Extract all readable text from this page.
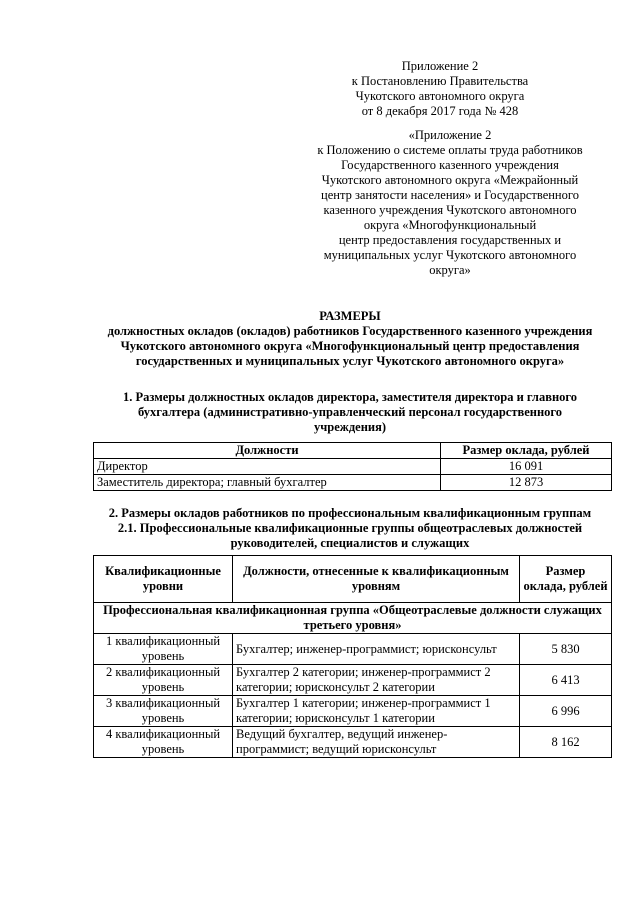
Приложение 2
к Постановлению Правительства
Чукотского автономного округа
от 8 декабря 2017 года № 428
«Приложение 2
к Положению о системе оплаты труда работников
Государственного казенного учреждения
Чукотского автономного округа «Межрайонный
центр занятости населения» и Государственного
казенного учреждения Чукотского автономного
округа «Многофункциональный
центр предоставления государственных и
муниципальных услуг Чукотского автономного
округа»
РАЗМЕРЫ
должностных окладов (окладов) работников Государственного казенного учреждения
Чукотского автономного округа «Многофункциональный центр предоставления
государственных и муниципальных услуг Чукотского автономного округа»
1. Размеры должностных окладов директора, заместителя директора и главного
бухгалтера (административно-управленческий персонал государственного
учреждения)
Должности	Размер оклада, рублей
Директор	16 091
Заместитель директора; главный бухгалтер	12 873
2. Размеры окладов работников по профессиональным квалификационным группам
2.1. Профессиональные квалификационные группы общеотраслевых должностей
руководителей, специалистов и служащих
Квалификационные уровни	Должности, отнесенные к квалификационным уровням	Размер оклада, рублей
Профессиональная квалификационная группа «Общеотраслевые должности служащих третьего уровня»		
1 квалификационный уровень	Бухгалтер; инженер-программист; юрисконсульт	5 830
2 квалификационный уровень	Бухгалтер 2 категории; инженер-программист 2 категории; юрисконсульт 2 категории	6 413
3 квалификационный уровень	Бухгалтер 1 категории; инженер-программист 1 категории; юрисконсульт 1 категории	6 996
4 квалификационный уровень	Ведущий бухгалтер, ведущий инженер-программист; ведущий юрисконсульт	8 162
